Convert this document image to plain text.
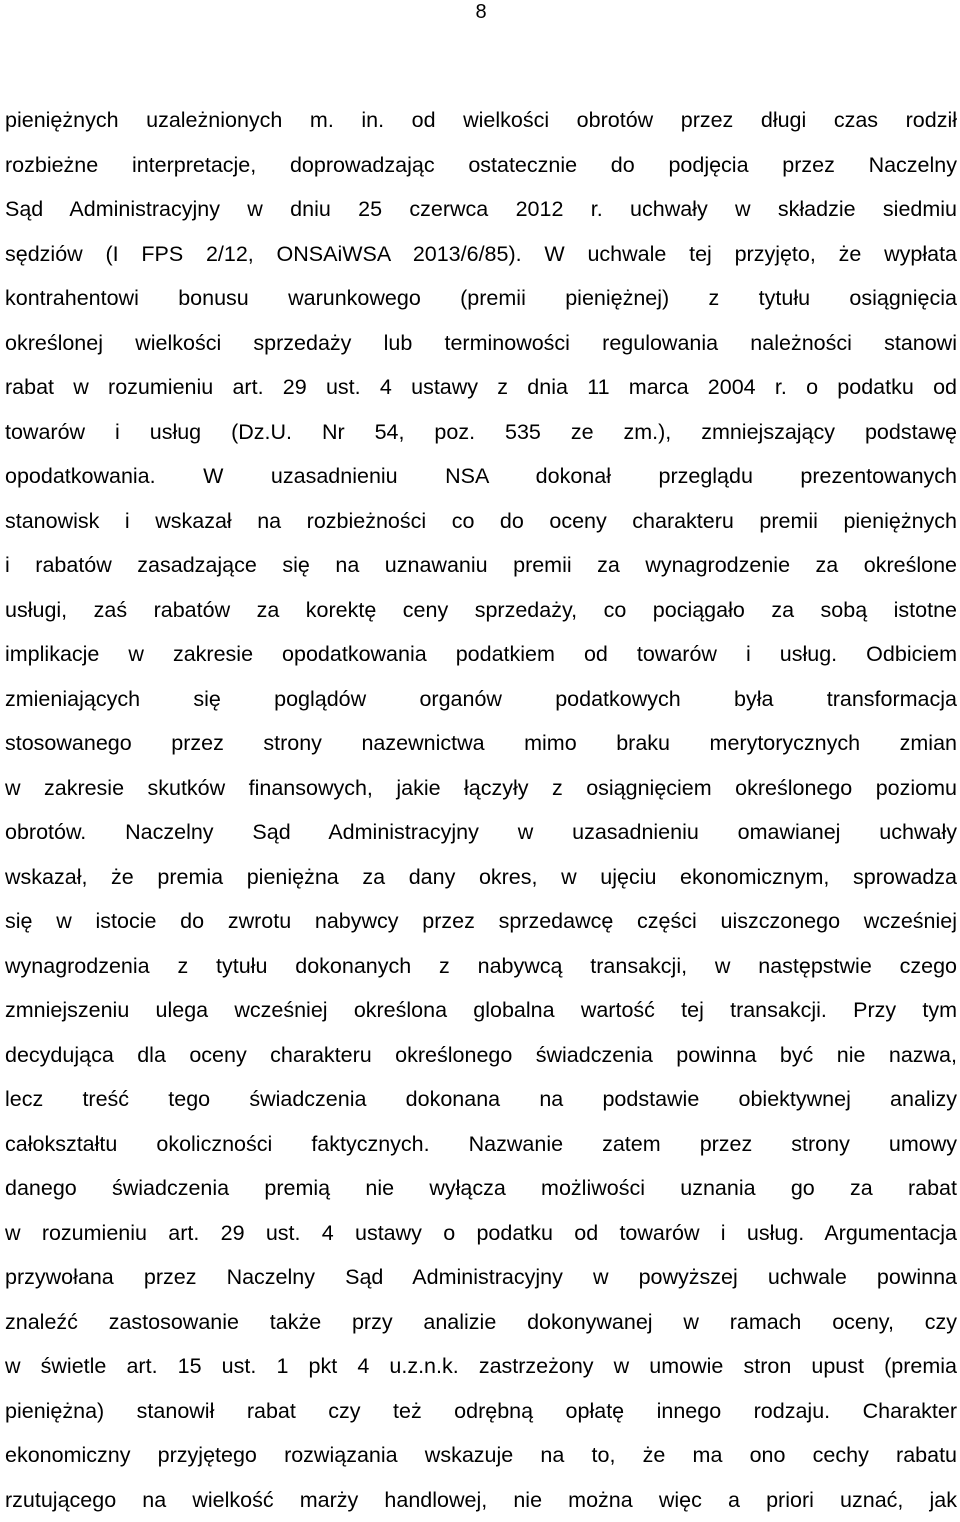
8
pieniężnych uzależnionych m. in. od wielkości obrotów przez długi czas rodził
rozbieżne interpretacje, doprowadzając ostatecznie do podjęcia przez Naczelny
Sąd Administracyjny w dniu 25 czerwca 2012 r. uchwały w składzie siedmiu
sędziów (I FPS 2/12, ONSAiWSA 2013/6/85). W uchwale tej przyjęto, że wypłata
kontrahentowi bonusu warunkowego (premii pieniężnej) z tytułu osiągnięcia
określonej wielkości sprzedaży lub terminowości regulowania należności stanowi
rabat w rozumieniu art. 29 ust. 4 ustawy z dnia 11 marca 2004 r. o podatku od
towarów i usług (Dz.U. Nr 54, poz. 535 ze zm.), zmniejszający podstawę
opodatkowania. W uzasadnieniu NSA dokonał przeglądu prezentowanych
stanowisk i wskazał na rozbieżności co do oceny charakteru premii pieniężnych
i rabatów zasadzające się na uznawaniu premii za wynagrodzenie za określone
usługi, zaś rabatów za korektę ceny sprzedaży, co pociągało za sobą istotne
implikacje w zakresie opodatkowania podatkiem od towarów i usług. Odbiciem
zmieniających się poglądów organów podatkowych była transformacja
stosowanego przez strony nazewnictwa mimo braku merytorycznych zmian
w zakresie skutków finansowych, jakie łączyły z osiągnięciem określonego poziomu
obrotów. Naczelny Sąd Administracyjny w uzasadnieniu omawianej uchwały
wskazał, że premia pieniężna za dany okres, w ujęciu ekonomicznym, sprowadza
się w istocie do zwrotu nabywcy przez sprzedawcę części uiszczonego wcześniej
wynagrodzenia z tytułu dokonanych z nabywcą transakcji, w następstwie czego
zmniejszeniu ulega wcześniej określona globalna wartość tej transakcji. Przy tym
decydująca dla oceny charakteru określonego świadczenia powinna być nie nazwa,
lecz treść tego świadczenia dokonana na podstawie obiektywnej analizy
całokształtu okoliczności faktycznych. Nazwanie zatem przez strony umowy
danego świadczenia premią nie wyłącza możliwości uznania go za rabat
w rozumieniu art. 29 ust. 4 ustawy o podatku od towarów i usług. Argumentacja
przywołana przez Naczelny Sąd Administracyjny w powyższej uchwale powinna
znaleźć zastosowanie także przy analizie dokonywanej w ramach oceny, czy
w świetle art. 15 ust. 1 pkt 4 u.z.n.k. zastrzeżony w umowie stron upust (premia
pieniężna) stanowił rabat czy też odrębną opłatę innego rodzaju. Charakter
ekonomiczny przyjętego rozwiązania wskazuje na to, że ma ono cechy rabatu
rzutującego na wielkość marży handlowej, nie można więc a priori uznać, jak
